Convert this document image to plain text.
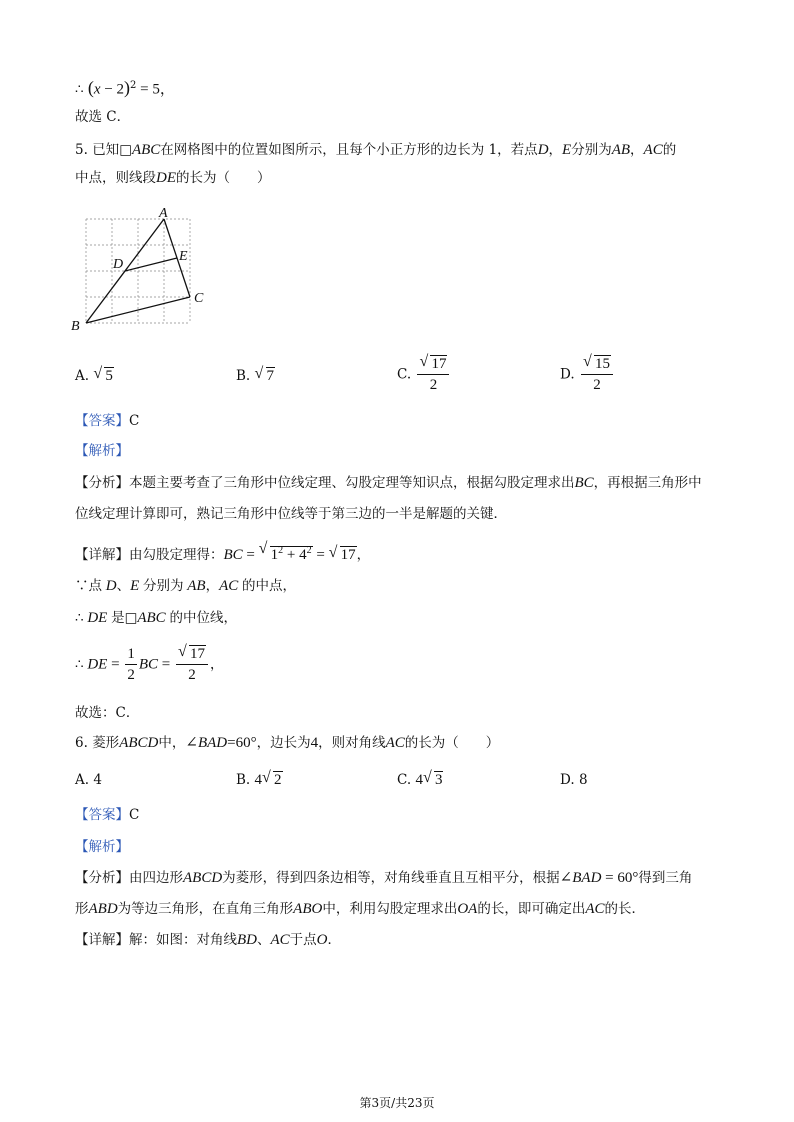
∴ $(x - 2)^2 = 5$，
故选 C．
5. 已知□ABC在网格图中的位置如图所示，且每个小正方形的边长为 1，若点D，E分别为AB，AC的
中点，则线段DE的长为（　　）
A
B
C
D
E
A. √ 5	B. √ 7	C. √ $\frac{17}{2}$	D. √ $\frac{15}{2}$
【答案】C
【解析】
【分析】本题主要考查了三角形中位线定理、勾股定理等知识点，根据勾股定理求出BC，再根据三角形中
位线定理计算即可，熟记三角形中位线等于第三边的一半是解题的关键．
【详解】由勾股定理得：BC = √ $1^2 + 4^2$ = √ 17，
∵点 D、E 分别为 AB，AC 的中点，
∴ DE 是□ABC 的中位线，
∴ DE = $\frac{1}{2}$ BC = √ $\frac{17}{2}$ ，
故选：C．
6. 菱形ABCD中，∠BAD=60°，边长为4，则对角线AC的长为（　　）
A. 4	B. 4 √ 2	C. 4 √ 3	D. 8
【答案】C
【解析】
【分析】由四边形ABCD为菱形，得到四条边相等，对角线垂直且互相平分，根据∠BAD = 60°得到三角
形ABD为等边三角形，在直角三角形ABO中，利用勾股定理求出OA的长，即可确定出AC的长．
【详解】解：如图：对角线BD、AC于点O．
第3页/共23页
